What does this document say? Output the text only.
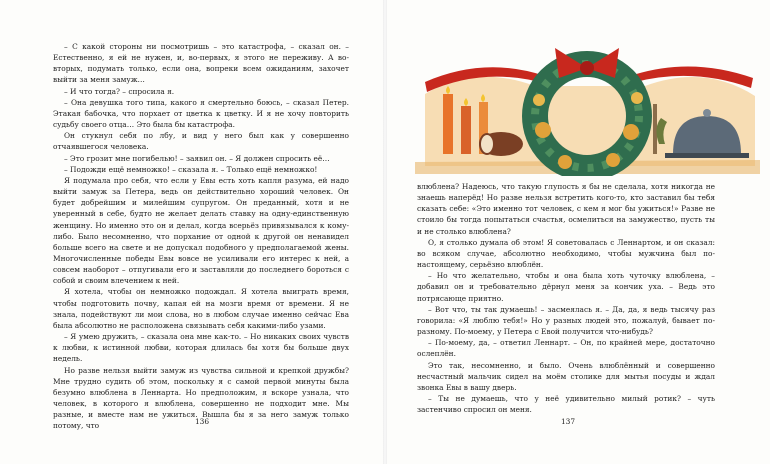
– С какой стороны ни посмотришь – это катастрофа, – сказал он. – Естественно, я ей не нужен, и, во-первых, я этого не переживу. А во-вторых, подумать только, если она, вопреки всем ожиданиям, захочет выйти за меня замуж…

– И что тогда? – спросила я.

– Она девушка того типа, какого я смертельно боюсь, – сказал Петер. Этакая бабочка, что порхает от цветка к цветку. И я не хочу повторить судьбу своего отца… Это была бы катастрофа.

Он стукнул себя по лбу, и вид у него был как у совершенно отчаявшегося человека.

– Это грозит мне погибелью! – заявил он. – Я должен спросить её…

– Подожди ещё немножко! – сказала я. – Только ещё немножко!

Я подумала про себя, что если у Евы есть хоть капля разума, ей надо выйти замуж за Петера, ведь он действительно хороший человек. Он будет добрейшим и милейшим супругом. Он преданный, хотя и не уверенный в себе, будто не желает делать ставку на одну-единственную женщину. Но именно это он и делал, когда всерьёз привязывался к кому-либо. Было несомненно, что порхание от одной к другой он ненавидел больше всего на свете и не допускал подобного у предполагаемой жены. Многочисленные победы Евы вовсе не усиливали его интерес к ней, а совсем наоборот – отпугивали его и заставляли до последнего бороться с собой и своим влечением к ней.

Я хотела, чтобы он немножко подождал. Я хотела выиграть время, чтобы подготовить почву, капая ей на мозги время от времени. Я не знала, подействуют ли мои слова, но в любом случае именно сейчас Ева была абсолютно не расположена связывать себя какими-либо узами.

– Я умею дружить, – сказала она мне как-то. – Но никаких своих чувств к любви, к истинной любви, которая длилась бы хотя бы больше двух недель.

Но разве нельзя выйти замуж из чувства сильной и крепкой дружбы? Мне трудно судить об этом, поскольку я с самой первой минуты была безумно влюблена в Леннарта. Но предположим, я вскоре узнала, что человек, в которого я влюблена, совершенно не подходит мне. Мы разные, и вместе нам не ужиться. Вышла бы я за него замуж только потому, что	136

влюблена? Надеюсь, что такую глупость я бы не сделала, хотя никогда не знаешь наперёд! Но разве нельзя встретить кого-то, кто заставил бы тебя сказать себе: «Это именно тот человек, с кем я мог бы ужиться!» Разве не стоило бы тогда попытаться счастья, осмелиться на замужество, пусть ты и не столько влюблена?

О, я столько думала об этом! Я советовалась с Леннартом, и он сказал: во всяком случае, абсолютно необходимо, чтобы мужчина был по-настоящему, серьёзно влюблён.

– Но что желательно, чтобы и она была хоть чуточку влюблена, – добавил он и требовательно дёрнул меня за кончик уха. – Ведь это потрясающе приятно.

– Вот что, ты так думаешь! – засмеялась я. – Да, да, я ведь тысячу раз говорила: «Я люблю тебя!» Но у разных людей это, пожалуй, бывает по-разному. По-моему, у Петера с Евой получится что-нибудь?

– По-моему, да, – ответил Леннарт. – Он, по крайней мере, достаточно ослеплён.

Это так, несомненно, и было. Очень влюблённый и совершенно несчастный мальчик сидел на моём столике для мытья посуды и ждал звонка Евы в вашу дверь.

– Ты не думаешь, что у неё удивительно милый ротик? – чуть застенчиво спросил он меня.

137
